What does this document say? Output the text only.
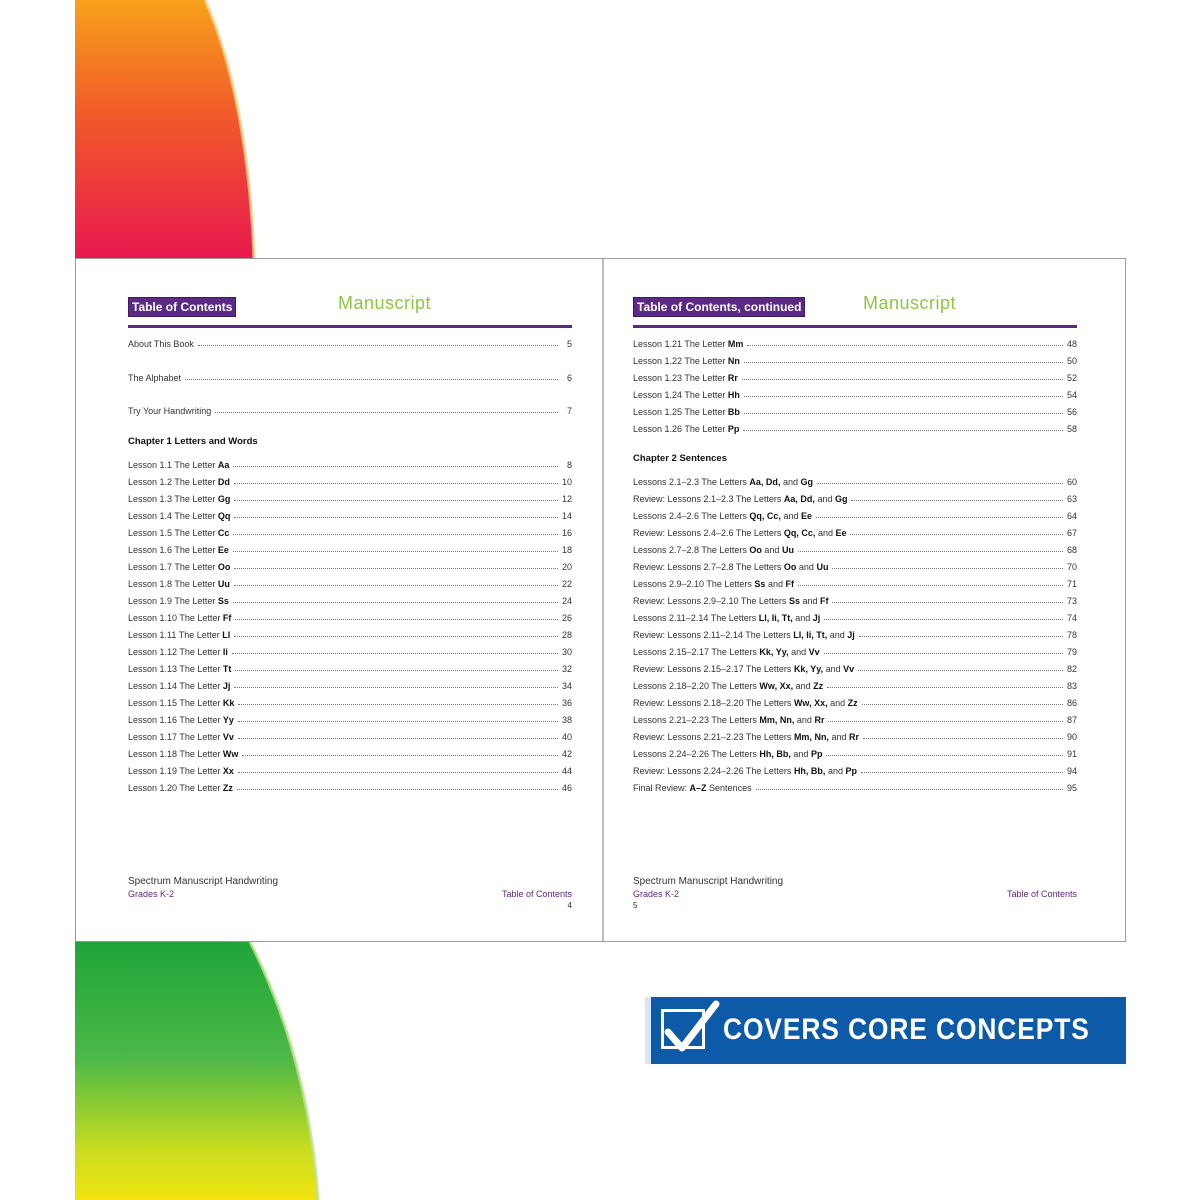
Table of Contents	Manuscript
About This Book	5
The Alphabet	6
Try Your Handwriting	7
Chapter 1 Letters and Words
Lesson 1.1 The Letter Aa	8
Lesson 1.2 The Letter Dd	10
Lesson 1.3 The Letter Gg	12
Lesson 1.4 The Letter Qq	14
Lesson 1.5 The Letter Cc	16
Lesson 1.6 The Letter Ee	18
Lesson 1.7 The Letter Oo	20
Lesson 1.8 The Letter Uu	22
Lesson 1.9 The Letter Ss	24
Lesson 1.10 The Letter Ff	26
Lesson 1.11 The Letter Ll	28
Lesson 1.12 The Letter Ii	30
Lesson 1.13 The Letter Tt	32
Lesson 1.14 The Letter Jj	34
Lesson 1.15 The Letter Kk	36
Lesson 1.16 The Letter Yy	38
Lesson 1.17 The Letter Vv	40
Lesson 1.18 The Letter Ww	42
Lesson 1.19 The Letter Xx	44
Lesson 1.20 The Letter Zz	46
Spectrum Manuscript Handwriting
Grades K-2	Table of Contents
4
Table of Contents, continued	Manuscript
Lesson 1.21 The Letter Mm	48
Lesson 1.22 The Letter Nn	50
Lesson 1.23 The Letter Rr	52
Lesson 1.24 The Letter Hh	54
Lesson 1.25 The Letter Bb	56
Lesson 1.26 The Letter Pp	58
Chapter 2 Sentences
Lessons 2.1–2.3 The Letters Aa, Dd, and Gg	60
Review: Lessons 2.1–2.3 The Letters Aa, Dd, and Gg	63
Lessons 2.4–2.6 The Letters Qq, Cc, and Ee	64
Review: Lessons 2.4–2.6 The Letters Qq, Cc, and Ee	67
Lessons 2.7–2.8 The Letters Oo and Uu	68
Review: Lessons 2.7–2.8 The Letters Oo and Uu	70
Lessons 2.9–2.10 The Letters Ss and Ff	71
Review: Lessons 2.9–2.10 The Letters Ss and Ff	73
Lessons 2.11–2.14 The Letters Ll, Ii, Tt, and Jj	74
Review: Lessons 2.11–2.14 The Letters Ll, Ii, Tt, and Jj	78
Lessons 2.15–2.17 The Letters Kk, Yy, and Vv	79
Review: Lessons 2.15–2.17 The Letters Kk, Yy, and Vv	82
Lessons 2.18–2.20 The Letters Ww, Xx, and Zz	83
Review: Lessons 2.18–2.20 The Letters Ww, Xx, and Zz	86
Lessons 2.21–2.23 The Letters Mm, Nn, and Rr	87
Review: Lessons 2.21–2.23 The Letters Mm, Nn, and Rr	90
Lessons 2.24–2.26 The Letters Hh, Bb, and Pp	91
Review: Lessons 2.24–2.26 The Letters Hh, Bb, and Pp	94
Final Review: A–Z Sentences	95
Spectrum Manuscript Handwriting
Grades K-2	Table of Contents
5
COVERS CORE CONCEPTS
